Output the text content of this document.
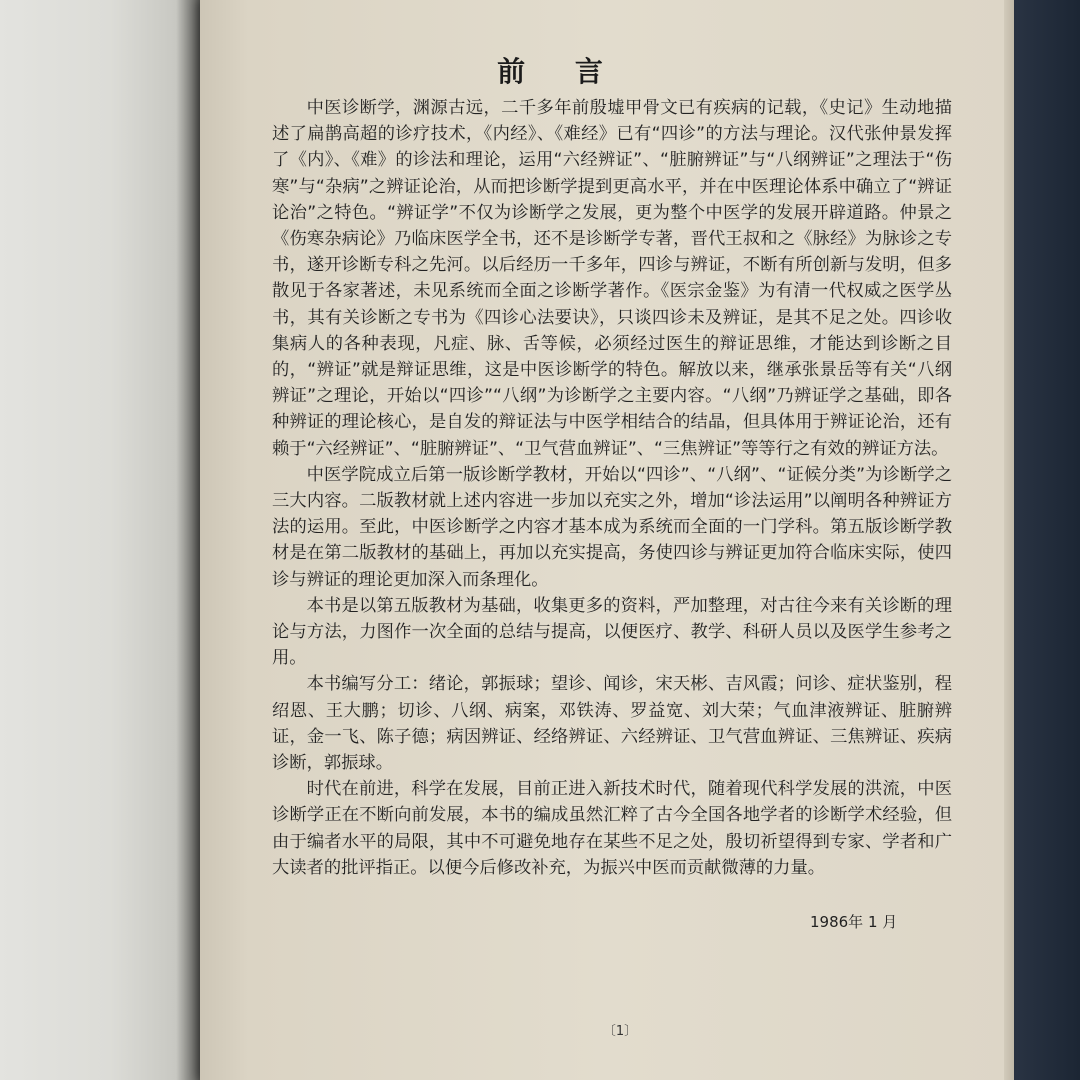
前 言

中医诊断学，渊源古远，二千多年前殷墟甲骨文已有疾病的记载，《史记》生动地描述了扁鹊高超的诊疗技术，《内经》、《难经》已有“四诊”的方法与理论。汉代张仲景发挥了《内》、《难》的诊法和理论，运用“六经辨证”、“脏腑辨证”与“八纲辨证”之理法于“伤寒”与“杂病”之辨证论治，从而把诊断学提到更高水平，并在中医理论体系中确立了“辨证论治”之特色。“辨证学”不仅为诊断学之发展，更为整个中医学的发展开辟道路。仲景之《伤寒杂病论》乃临床医学全书，还不是诊断学专著，晋代王叔和之《脉经》为脉诊之专书，遂开诊断专科之先河。以后经历一千多年，四诊与辨证，不断有所创新与发明，但多散见于各家著述，未见系统而全面之诊断学著作。《医宗金鉴》为有清一代权威之医学丛书，其有关诊断之专书为《四诊心法要诀》，只谈四诊未及辨证，是其不足之处。四诊收集病人的各种表现，凡症、脉、舌等候，必须经过医生的辩证思维，才能达到诊断之目的，“辨证”就是辩证思维，这是中医诊断学的特色。解放以来，继承张景岳等有关“八纲辨证”之理论，开始以“四诊”“八纲”为诊断学之主要内容。“八纲”乃辨证学之基础，即各种辨证的理论核心，是自发的辩证法与中医学相结合的结晶，但具体用于辨证论治，还有赖于“六经辨证”、“脏腑辨证”、“卫气营血辨证”、“三焦辨证”等等行之有效的辨证方法。

中医学院成立后第一版诊断学教材，开始以“四诊”、“八纲”、“证候分类”为诊断学之三大内容。二版教材就上述内容进一步加以充实之外，增加“诊法运用”以阐明各种辨证方法的运用。至此，中医诊断学之内容才基本成为系统而全面的一门学科。第五版诊断学教材是在第二版教材的基础上，再加以充实提高，务使四诊与辨证更加符合临床实际，使四诊与辨证的理论更加深入而条理化。

本书是以第五版教材为基础，收集更多的资料，严加整理，对古往今来有关诊断的理论与方法，力图作一次全面的总结与提高，以便医疗、教学、科研人员以及医学生参考之用。

本书编写分工：绪论，郭振球；望诊、闻诊，宋天彬、吉风霞；问诊、症状鉴别，程绍恩、王大鹏；切诊、八纲、病案，邓铁涛、罗益宽、刘大荣；气血津液辨证、脏腑辨证，金一飞、陈子德；病因辨证、经络辨证、六经辨证、卫气营血辨证、三焦辨证、疾病诊断，郭振球。

时代在前进，科学在发展，目前正进入新技术时代，随着现代科学发展的洪流，中医诊断学正在不断向前发展，本书的编成虽然汇粹了古今全国各地学者的诊断学术经验，但由于编者水平的局限，其中不可避免地存在某些不足之处，殷切祈望得到专家、学者和广大读者的批评指正。以便今后修改补充，为振兴中医而贡献微薄的力量。

1986年 1 月

〔1〕
